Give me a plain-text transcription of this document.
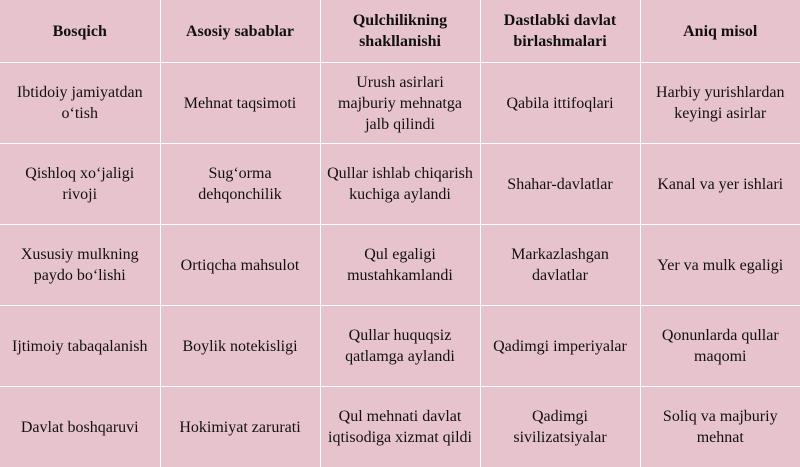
Bosqich	Asosiy sabablar	Qulchilikning shakllanishi	Dastlabki davlat birlashmalari	Aniq misol
Ibtidoiy jamiyatdan o‘tish	Mehnat taqsimoti	Urush asirlari majburiy mehnatga jalb qilindi	Qabila ittifoqlari	Harbiy yurishlardan keyingi asirlar
Qishloq xo‘jaligi rivoji	Sug‘orma dehqonchilik	Qullar ishlab chiqarish kuchiga aylandi	Shahar-davlatlar	Kanal va yer ishlari
Xususiy mulkning paydo bo‘lishi	Ortiqcha mahsulot	Qul egaligi mustahkamlandi	Markazlashgan davlatlar	Yer va mulk egaligi
Ijtimoiy tabaqalanish	Boylik notekisligi	Qullar huquqsiz qatlamga aylandi	Qadimgi imperiyalar	Qonunlarda qullar maqomi
Davlat boshqaruvi	Hokimiyat zarurati	Qul mehnati davlat iqtisodiga xizmat qildi	Qadimgi sivilizatsiyalar	Soliq va majburiy mehnat
